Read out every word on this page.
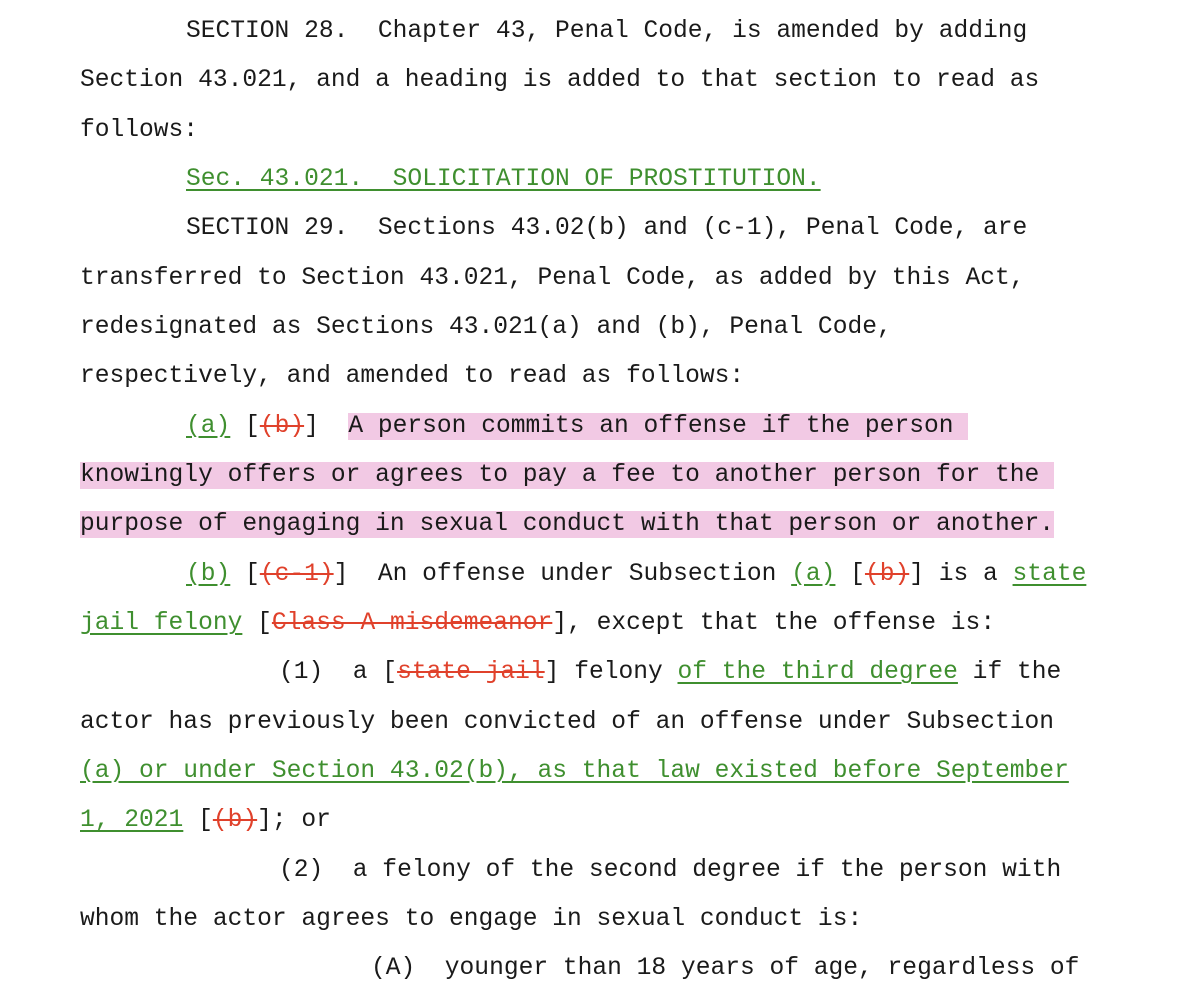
SECTION 28.  Chapter 43, Penal Code, is amended by adding
Section 43.021, and a heading is added to that section to read as
follows:
Sec. 43.021.  SOLICITATION OF PROSTITUTION.
SECTION 29.  Sections 43.02(b) and (c-1), Penal Code, are
transferred to Section 43.021, Penal Code, as added by this Act,
redesignated as Sections 43.021(a) and (b), Penal Code,
respectively, and amended to read as follows:
(a) [(b)]  A person commits an offense if the person
knowingly offers or agrees to pay a fee to another person for the
purpose of engaging in sexual conduct with that person or another.
(b) [(c-1)]  An offense under Subsection (a) [(b)] is a state
jail felony [Class A misdemeanor], except that the offense is:
(1)  a [state jail] felony of the third degree if the
actor has previously been convicted of an offense under Subsection
(a) or under Section 43.02(b), as that law existed before September
1, 2021 [(b)]; or
(2)  a felony of the second degree if the person with
whom the actor agrees to engage in sexual conduct is:
(A)  younger than 18 years of age, regardless of
